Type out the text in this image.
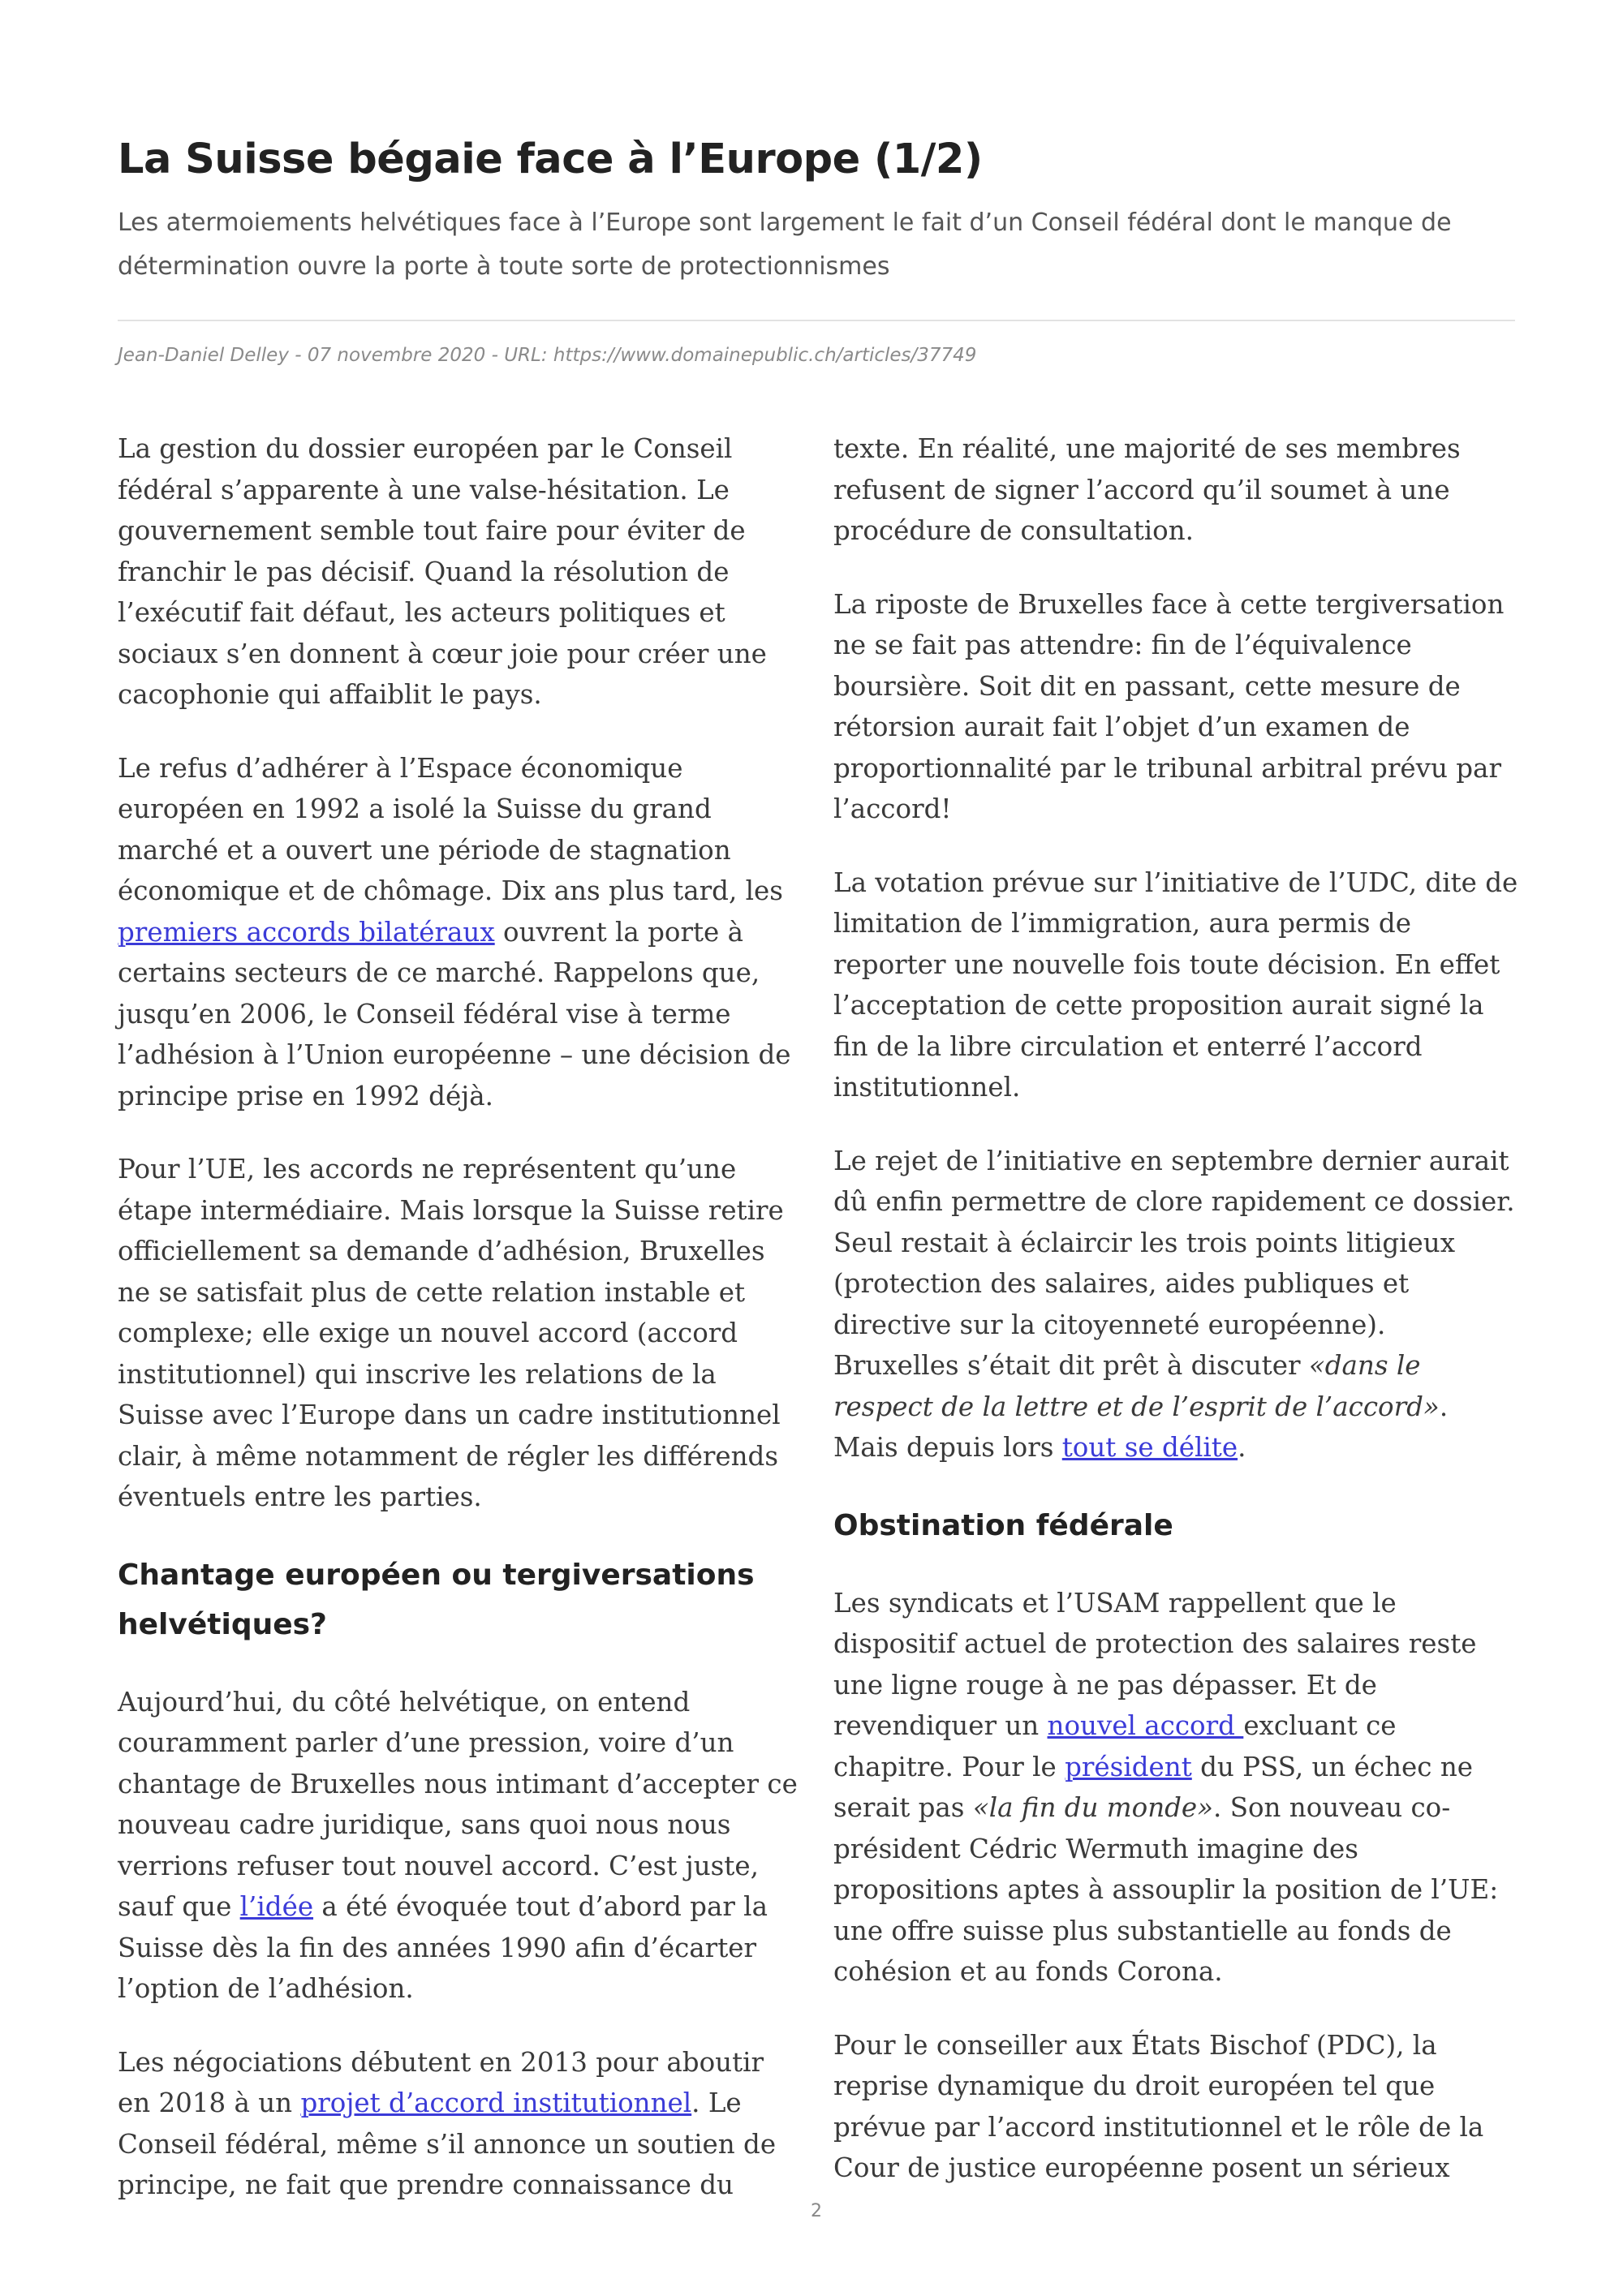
La Suisse bégaie face à l’Europe (1/2)

Les atermoiements helvétiques face à l’Europe sont largement le fait d’un Conseil fédéral dont le manque de détermination ouvre la porte à toute sorte de protectionnismes

Jean-Daniel Delley - 07 novembre 2020 - URL: https://www.domainepublic.ch/articles/37749

La gestion du dossier européen par le Conseil fédéral s’apparente à une valse-hésitation. Le gouvernement semble tout faire pour éviter de franchir le pas décisif. Quand la résolution de l’exécutif fait défaut, les acteurs politiques et sociaux s’en donnent à cœur joie pour créer une cacophonie qui affaiblit le pays.

Le refus d’adhérer à l’Espace économique européen en 1992 a isolé la Suisse du grand marché et a ouvert une période de stagnation économique et de chômage. Dix ans plus tard, les premiers accords bilatéraux ouvrent la porte à certains secteurs de ce marché. Rappelons que, jusqu’en 2006, le Conseil fédéral vise à terme l’adhésion à l’Union européenne – une décision de principe prise en 1992 déjà.

Pour l’UE, les accords ne représentent qu’une étape intermédiaire. Mais lorsque la Suisse retire officiellement sa demande d’adhésion, Bruxelles ne se satisfait plus de cette relation instable et complexe; elle exige un nouvel accord (accord institutionnel) qui inscrive les relations de la Suisse avec l’Europe dans un cadre institutionnel clair, à même notamment de régler les différends éventuels entre les parties.

Chantage européen ou tergiversations helvétiques?

Aujourd’hui, du côté helvétique, on entend couramment parler d’une pression, voire d’un chantage de Bruxelles nous intimant d’accepter ce nouveau cadre juridique, sans quoi nous nous verrions refuser tout nouvel accord. C’est juste, sauf que l’idée a été évoquée tout d’abord par la Suisse dès la fin des années 1990 afin d’écarter l’option de l’adhésion.

Les négociations débutent en 2013 pour aboutir en 2018 à un projet d’accord institutionnel. Le Conseil fédéral, même s’il annonce un soutien de principe, ne fait que prendre connaissance du

texte. En réalité, une majorité de ses membres refusent de signer l’accord qu’il soumet à une procédure de consultation.

La riposte de Bruxelles face à cette tergiversation ne se fait pas attendre: fin de l’équivalence boursière. Soit dit en passant, cette mesure de rétorsion aurait fait l’objet d’un examen de proportionnalité par le tribunal arbitral prévu par l’accord!

La votation prévue sur l’initiative de l’UDC, dite de limitation de l’immigration, aura permis de reporter une nouvelle fois toute décision. En effet l’acceptation de cette proposition aurait signé la fin de la libre circulation et enterré l’accord institutionnel.

Le rejet de l’initiative en septembre dernier aurait dû enfin permettre de clore rapidement ce dossier. Seul restait à éclaircir les trois points litigieux (protection des salaires, aides publiques et directive sur la citoyenneté européenne). Bruxelles s’était dit prêt à discuter «dans le respect de la lettre et de l’esprit de l’accord». Mais depuis lors tout se délite.

Obstination fédérale

Les syndicats et l’USAM rappellent que le dispositif actuel de protection des salaires reste une ligne rouge à ne pas dépasser. Et de revendiquer un nouvel accord excluant ce chapitre. Pour le président du PSS, un échec ne serait pas «la fin du monde». Son nouveau co-président Cédric Wermuth imagine des propositions aptes à assouplir la position de l’UE: une offre suisse plus substantielle au fonds de cohésion et au fonds Corona.

Pour le conseiller aux États Bischof (PDC), la reprise dynamique du droit européen tel que prévue par l’accord institutionnel et le rôle de la Cour de justice européenne posent un sérieux

2
